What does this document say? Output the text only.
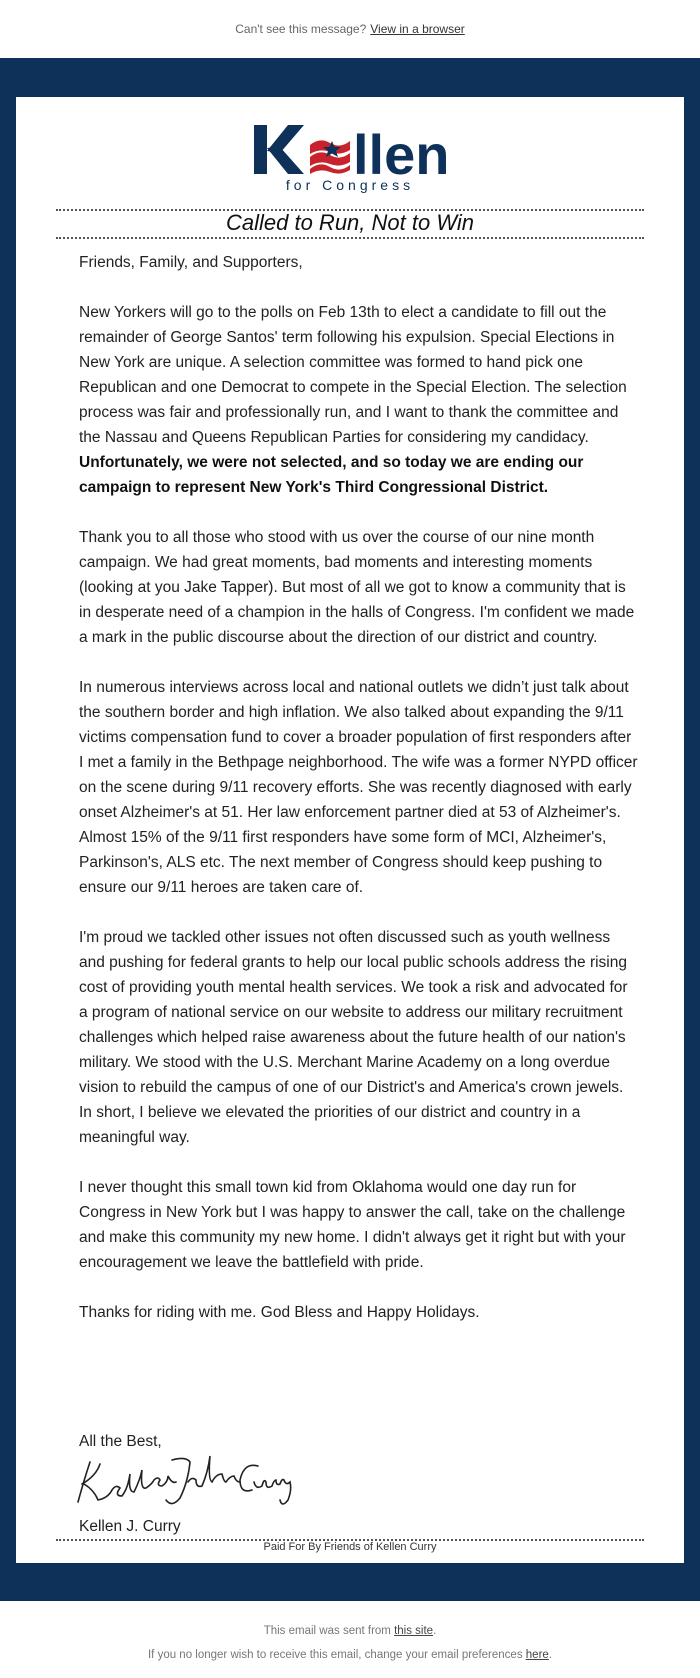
Can't see this message? View in a browser
llen
for Congress
Called to Run, Not to Win

Friends, Family, and Supporters,

New Yorkers will go to the polls on Feb 13th to elect a candidate to fill out the remainder of George Santos' term following his expulsion. Special Elections in New York are unique. A selection committee was formed to hand pick one Republican and one Democrat to compete in the Special Election. The selection process was fair and professionally run, and I want to thank the committee and the Nassau and Queens Republican Parties for considering my candidacy. Unfortunately, we were not selected, and so today we are ending our campaign to represent New York's Third Congressional District.

Thank you to all those who stood with us over the course of our nine month campaign. We had great moments, bad moments and interesting moments (looking at you Jake Tapper). But most of all we got to know a community that is in desperate need of a champion in the halls of Congress. I'm confident we made a mark in the public discourse about the direction of our district and country.

In numerous interviews across local and national outlets we didn’t just talk about the southern border and high inflation. We also talked about expanding the 9/11 victims compensation fund to cover a broader population of first responders after I met a family in the Bethpage neighborhood. The wife was a former NYPD officer on the scene during 9/11 recovery efforts. She was recently diagnosed with early onset Alzheimer's at 51. Her law enforcement partner died at 53 of Alzheimer's. Almost 15% of the 9/11 first responders have some form of MCI, Alzheimer's, Parkinson's, ALS etc. The next member of Congress should keep pushing to ensure our 9/11 heroes are taken care of.

I'm proud we tackled other issues not often discussed such as youth wellness and pushing for federal grants to help our local public schools address the rising cost of providing youth mental health services. We took a risk and advocated for a program of national service on our website to address our military recruitment challenges which helped raise awareness about the future health of our nation's military. We stood with the U.S. Merchant Marine Academy on a long overdue vision to rebuild the campus of one of our District's and America's crown jewels. In short, I believe we elevated the priorities of our district and country in a meaningful way.

I never thought this small town kid from Oklahoma would one day run for Congress in New York but I was happy to answer the call, take on the challenge and make this community my new home. I didn't always get it right but with your encouragement we leave the battlefield with pride.

Thanks for riding with me. God Bless and Happy Holidays.

All the Best,
Kellen J. Curry
Paid For By Friends of Kellen Curry
This email was sent from this site.
If you no longer wish to receive this email, change your email preferences here.
